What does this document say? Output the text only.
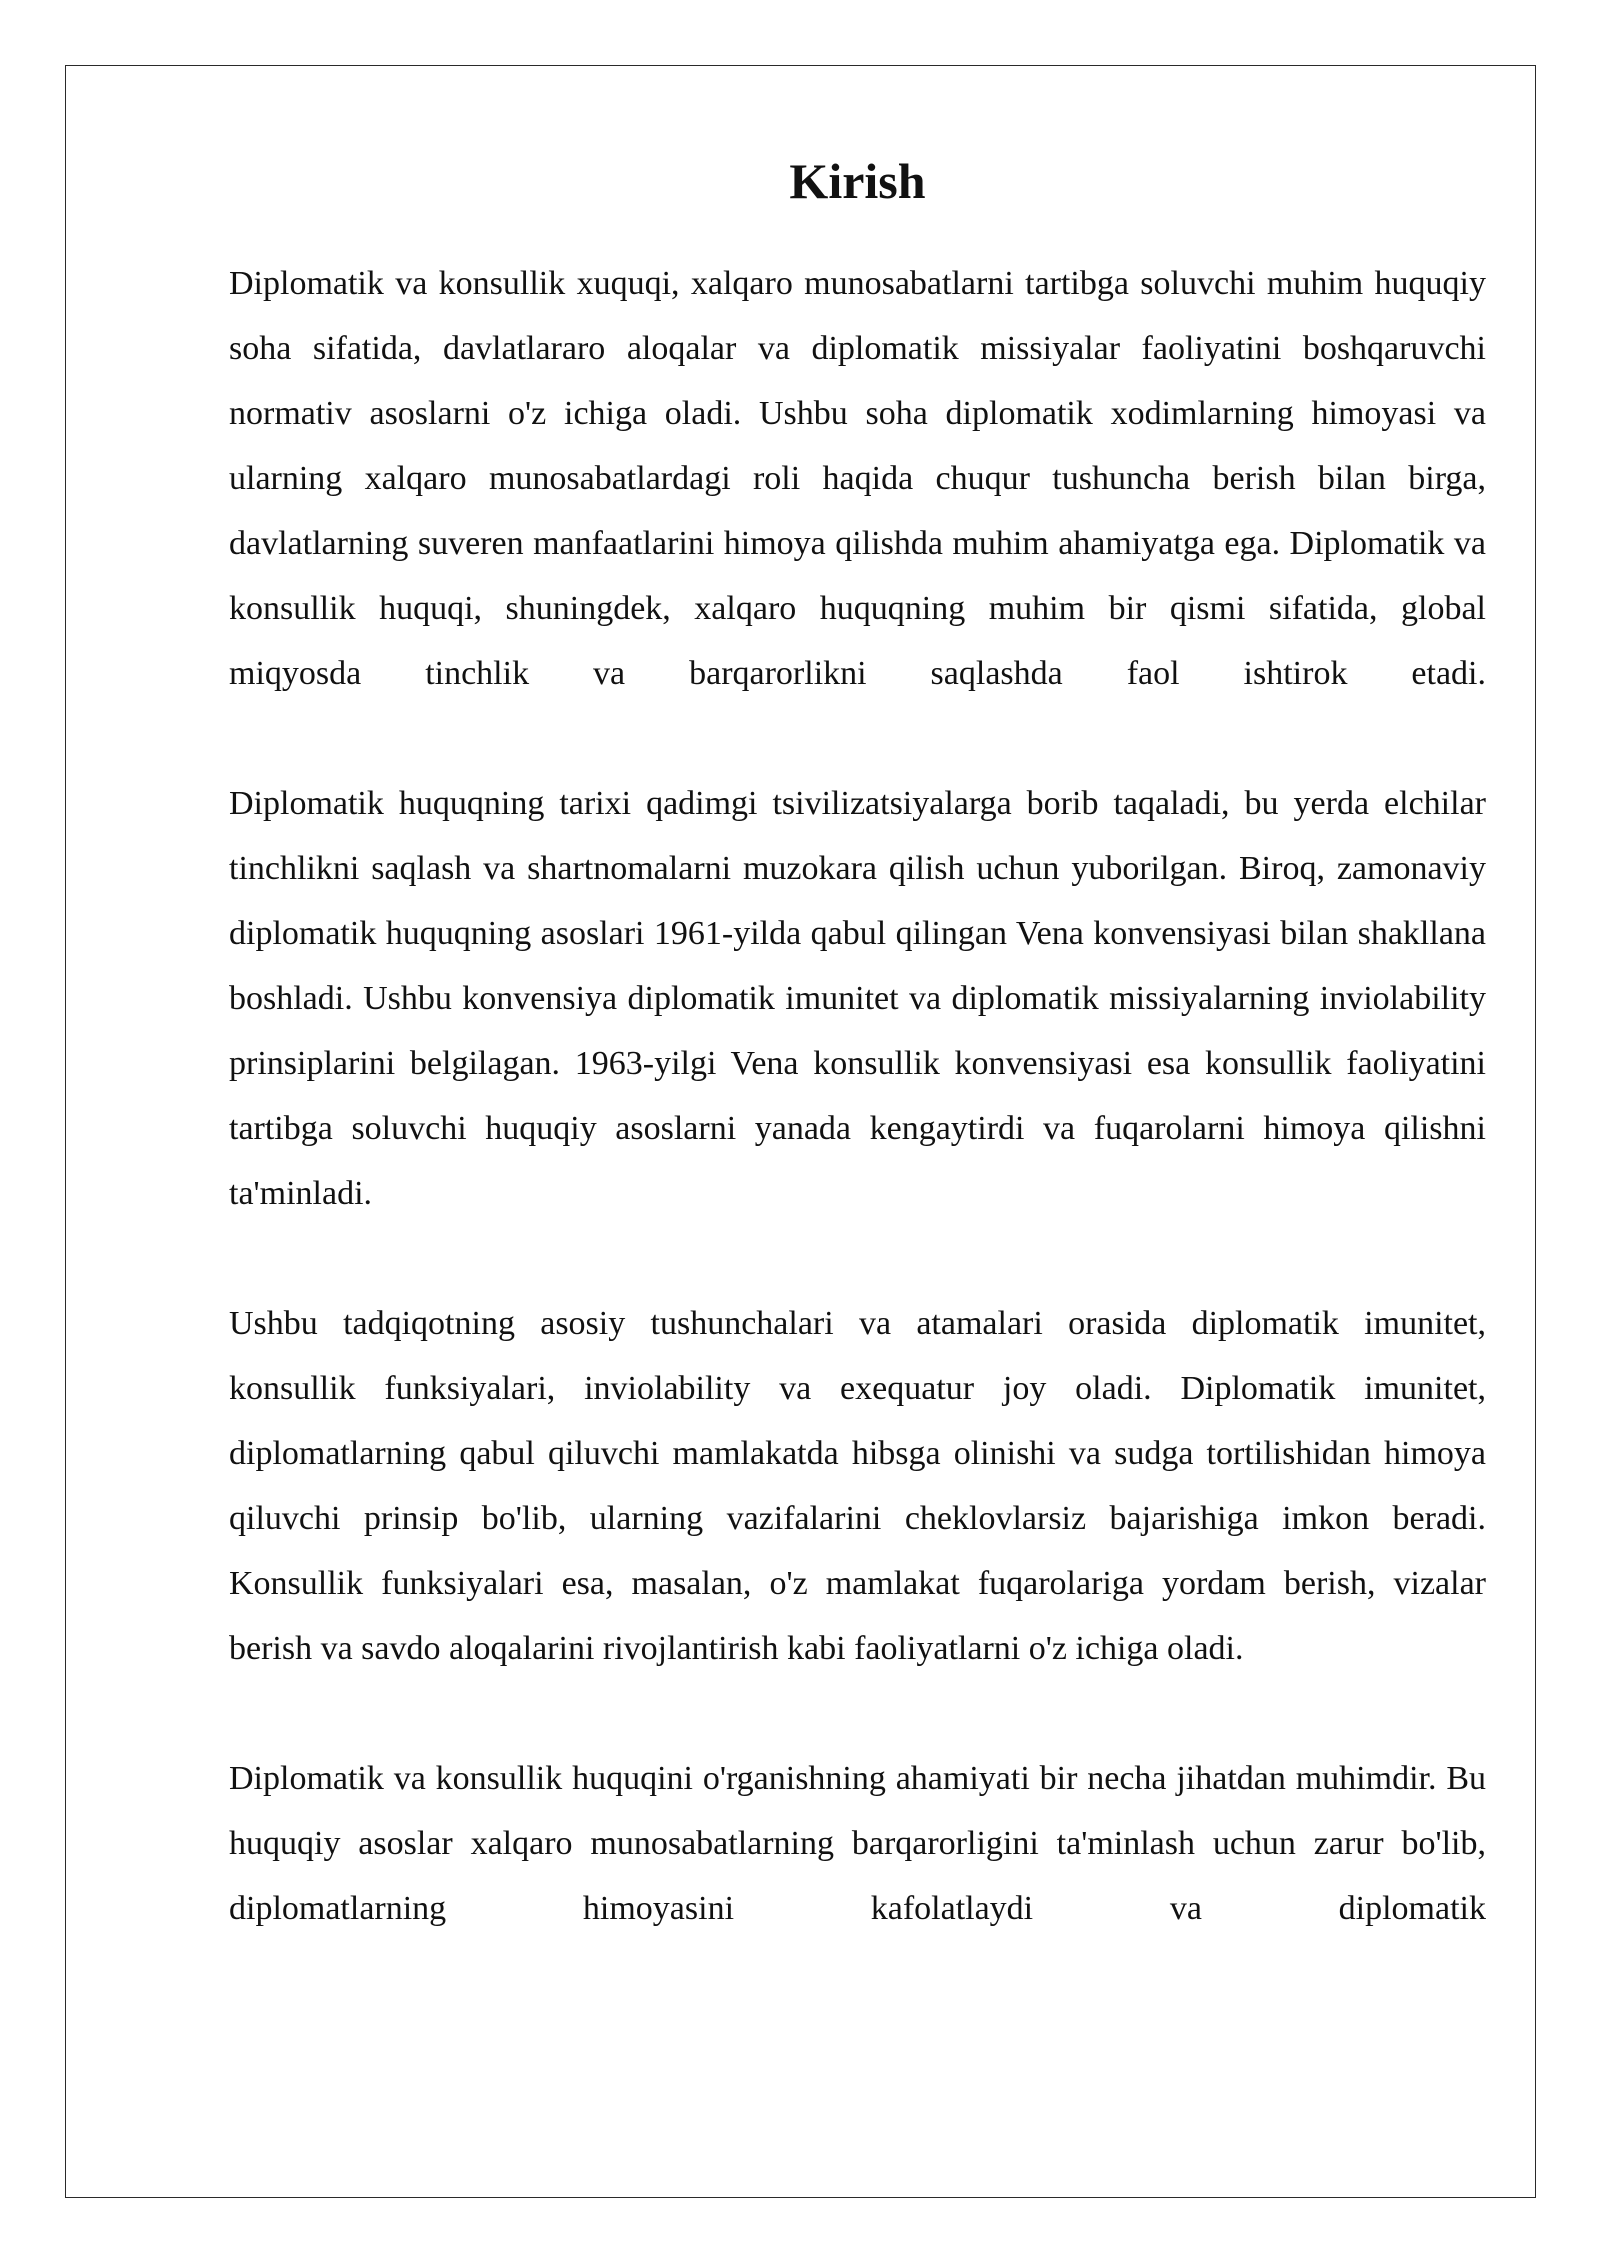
Kirish

Diplomatik va konsullik xuquqi, xalqaro munosabatlarni tartibga soluvchi muhim huquqiy soha sifatida, davlatlararo aloqalar va diplomatik missiyalar faoliyatini boshqaruvchi normativ asoslarni o'z ichiga oladi. Ushbu soha diplomatik xodimlarning himoyasi va ularning xalqaro munosabatlardagi roli haqida chuqur tushuncha berish bilan birga, davlatlarning suveren manfaatlarini himoya qilishda muhim ahamiyatga ega. Diplomatik va konsullik huquqi, shuningdek, xalqaro huquqning muhim bir qismi sifatida, global miqyosda tinchlik va barqarorlikni saqlashda faol ishtirok etadi.

Diplomatik huquqning tarixi qadimgi tsivilizatsiyalarga borib taqaladi, bu yerda elchilar tinchlikni saqlash va shartnomalarni muzokara qilish uchun yuborilgan. Biroq, zamonaviy diplomatik huquqning asoslari 1961-yilda qabul qilingan Vena konvensiyasi bilan shakllana boshladi. Ushbu konvensiya diplomatik imunitet va diplomatik missiyalarning inviolability prinsiplarini belgilagan. 1963-yilgi Vena konsullik konvensiyasi esa konsullik faoliyatini tartibga soluvchi huquqiy asoslarni yanada kengaytirdi va fuqarolarni himoya qilishni ta'minladi.

Ushbu tadqiqotning asosiy tushunchalari va atamalari orasida diplomatik imunitet, konsullik funksiyalari, inviolability va exequatur joy oladi. Diplomatik imunitet, diplomatlarning qabul qiluvchi mamlakatda hibsga olinishi va sudga tortilishidan himoya qiluvchi prinsip bo'lib, ularning vazifalarini cheklovlarsiz bajarishiga imkon beradi. Konsullik funksiyalari esa, masalan, o'z mamlakat fuqarolariga yordam berish, vizalar berish va savdo aloqalarini rivojlantirish kabi faoliyatlarni o'z ichiga oladi.

Diplomatik va konsullik huquqini o'rganishning ahamiyati bir necha jihatdan muhimdir. Bu huquqiy asoslar xalqaro munosabatlarning barqarorligini ta'minlash uchun zarur bo'lib, diplomatlarning himoyasini kafolatlaydi va diplomatik
